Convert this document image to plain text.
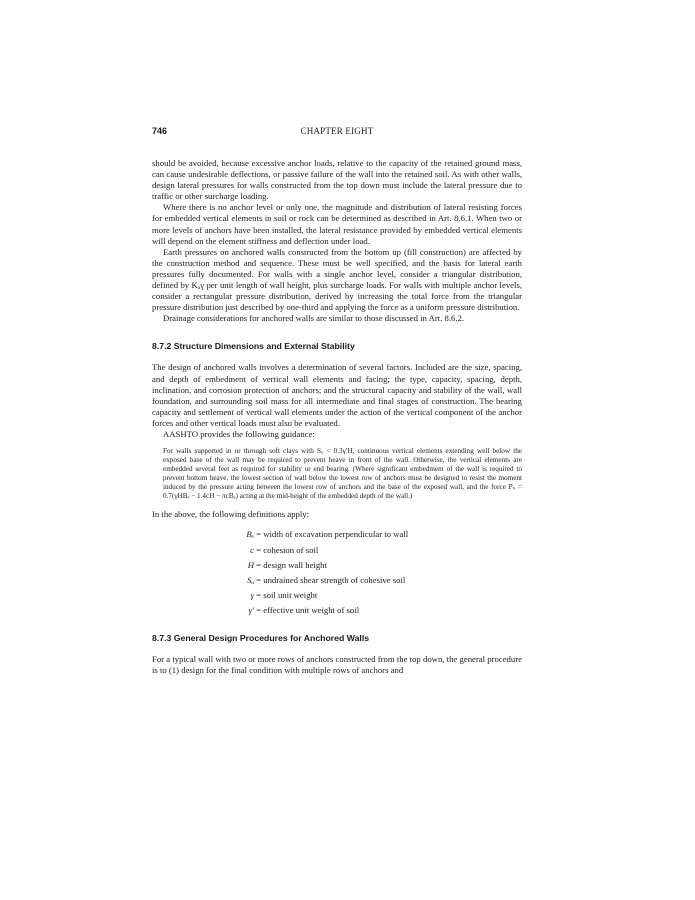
746	CHAPTER EIGHT

should be avoided, because excessive anchor loads, relative to the capacity of the retained ground mass, can cause undesirable deflections, or passive failure of the wall into the retained soil. As with other walls, design lateral pressures for walls constructed from the top down must include the lateral pressure due to traffic or other surcharge loading.

Where there is no anchor level or only one, the magnitude and distribution of lateral resisting forces for embedded vertical elements in soil or rock can be determined as described in Art. 8.6.1. When two or more levels of anchors have been installed, the lateral resistance provided by embedded vertical elements will depend on the element stiffness and deflection under load.

Earth pressures on anchored walls constructed from the bottom up (fill construction) are affected by the construction method and sequence. These must be well specified, and the basis for lateral earth pressures fully documented. For walls with a single anchor level, consider a triangular distribution, defined by Kₐγ per unit length of wall height, plus surcharge loads. For walls with multiple anchor levels, consider a rectangular pressure distribution, derived by increasing the total force from the triangular pressure distribution just described by one-third and applying the force as a uniform pressure distribution.

Drainage considerations for anchored walls are similar to those discussed in Art. 8.6.2.

8.7.2 Structure Dimensions and External Stability

The design of anchored walls involves a determination of several factors. Included are the size, spacing, and depth of embedment of vertical wall elements and facing; the type, capacity, spacing, depth, inclination, and corrosion protection of anchors; and the structural capacity and stability of the wall, wall foundation, and surrounding soil mass for all intermediate and final stages of construction. The bearing capacity and settlement of vertical wall elements under the action of the vertical component of the anchor forces and other vertical loads must also be evaluated.

AASHTO provides the following guidance:

For walls supported in or through soft clays with Sᵤ < 0.3γ′H, continuous vertical elements extending well below the exposed base of the wall may be required to prevent heave in front of the wall. Otherwise, the vertical elements are embedded several feet as required for stability or end bearing. (Where significant embedment of the wall is required to prevent bottom heave, the lowest section of wall below the lowest row of anchors must be designed to resist the moment induced by the pressure acting between the lowest row of anchors and the base of the exposed wall, and the force Pₛ = 0.7(γHBₑ − 1.4cH − πcBₑ) acting at the mid-height of the embedded depth of the wall.)

In the above, the following definitions apply:

Bₑ = width of excavation perpendicular to wall

c = cohesion of soil

H = design wall height

Sᵤ = undrained shear strength of cohesive soil

γ = soil unit weight

γ′ = effective unit weight of soil

8.7.3 General Design Procedures for Anchored Walls

For a typical wall with two or more rows of anchors constructed from the top down, the general procedure is to (1) design for the final condition with multiple rows of anchors and
